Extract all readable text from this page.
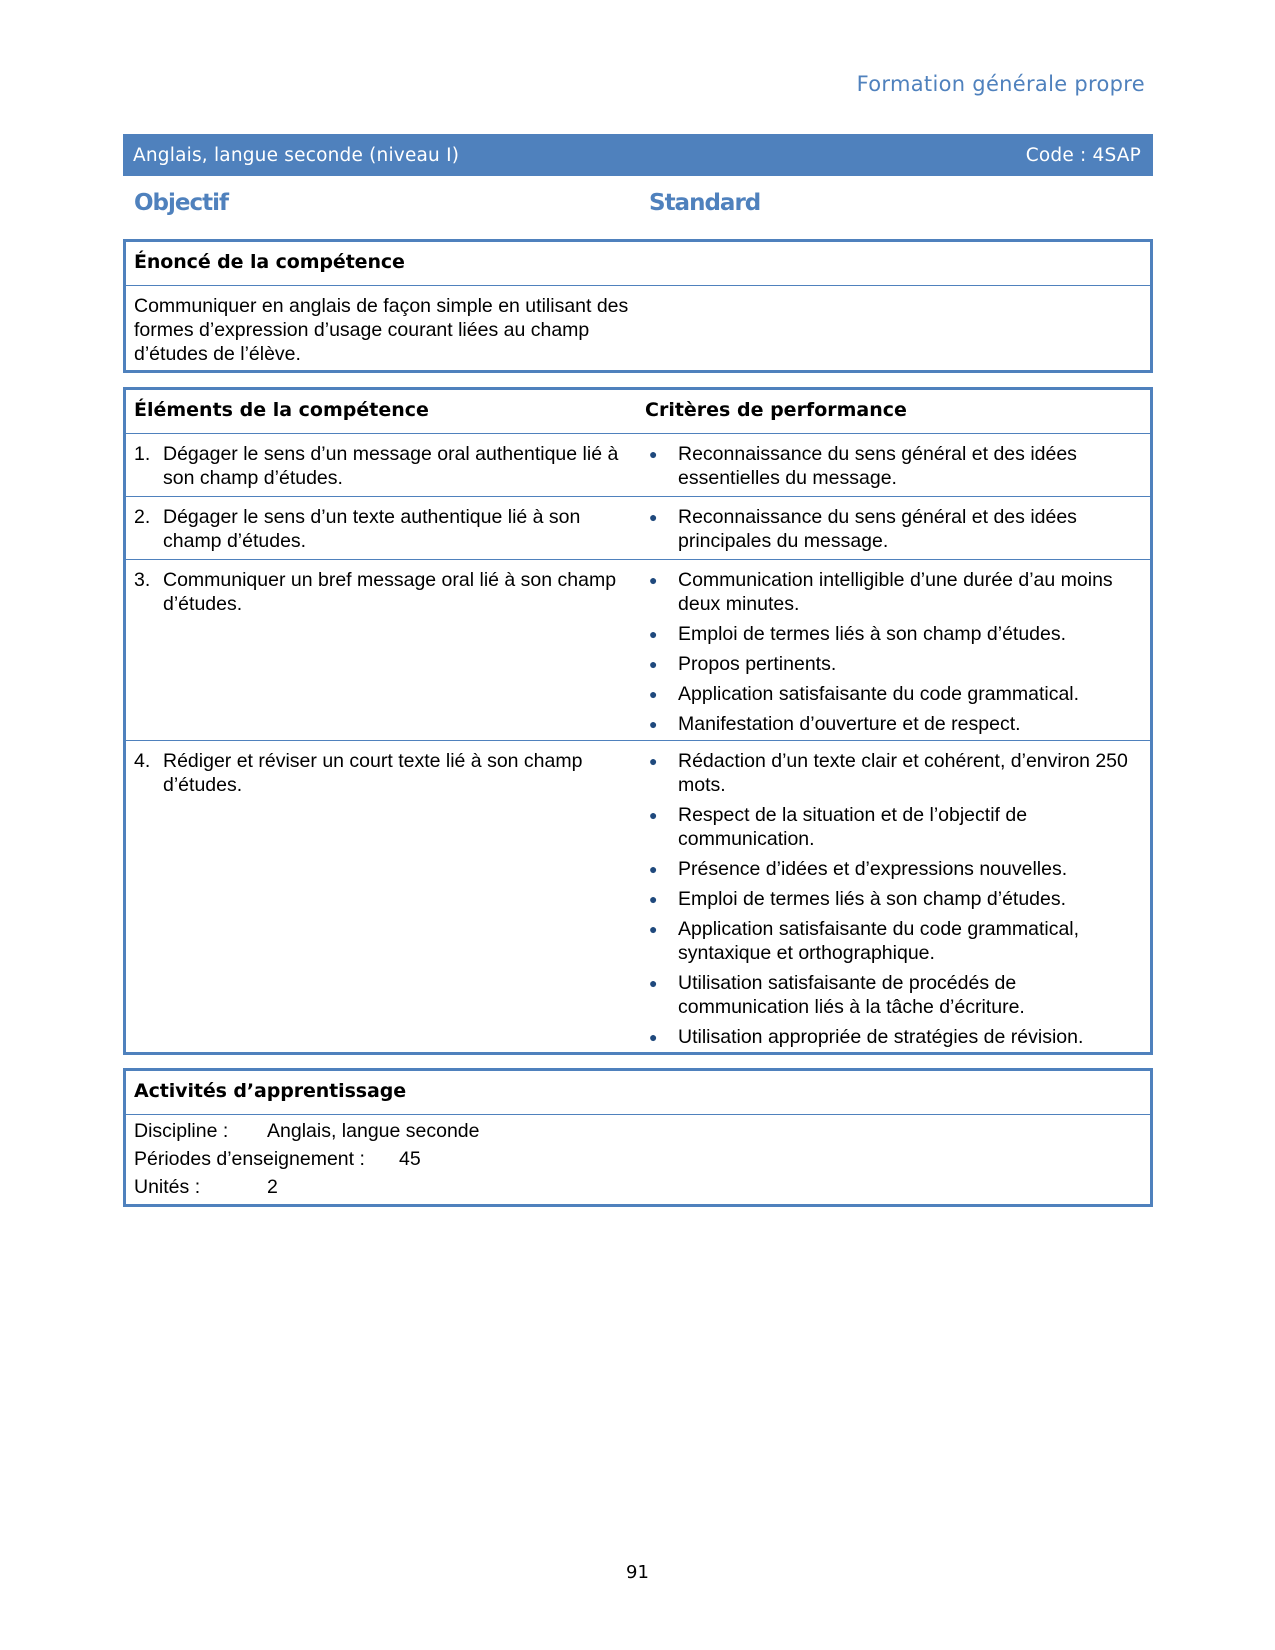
Formation générale propre
Anglais, langue seconde (niveau I)	Code : 4SAP
Objectif	Standard
Énoncé de la compétence
Communiquer en anglais de façon simple en utilisant des formes d’expression d’usage courant liées au champ d’études de l’élève.
Éléments de la compétence	Critères de performance
1. Dégager le sens d’un message oral authentique lié à son champ d’études.
●	Reconnaissance du sens général et des idées essentielles du message.
2. Dégager le sens d’un texte authentique lié à son champ d’études.
●	Reconnaissance du sens général et des idées principales du message.
3. Communiquer un bref message oral lié à son champ d’études.
●	Communication intelligible d’une durée d’au moins deux minutes.
●	Emploi de termes liés à son champ d’études.
●	Propos pertinents.
●	Application satisfaisante du code grammatical.
●	Manifestation d’ouverture et de respect.
4. Rédiger et réviser un court texte lié à son champ d’études.
●	Rédaction d’un texte clair et cohérent, d’environ 250 mots.
●	Respect de la situation et de l’objectif de communication.
●	Présence d’idées et d’expressions nouvelles.
●	Emploi de termes liés à son champ d’études.
●	Application satisfaisante du code grammatical, syntaxique et orthographique.
●	Utilisation satisfaisante de procédés de communication liés à la tâche d’écriture.
●	Utilisation appropriée de stratégies de révision.
Activités d’apprentissage
Discipline : Anglais, langue seconde
Périodes d’enseignement : 45
Unités :	2
91
